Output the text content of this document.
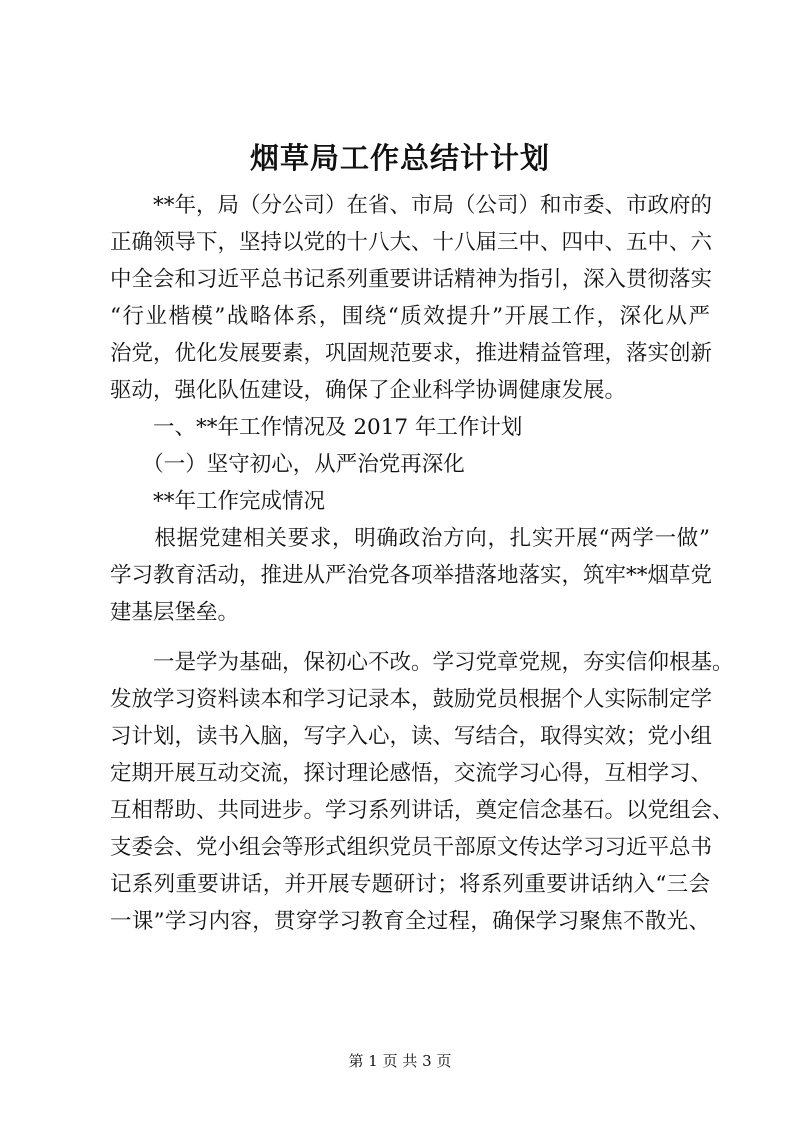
烟草局工作总结计计划
　　**年，局（分公司）在省、市局（公司）和市委、市政府的
正确领导下，坚持以党的十八大、十八届三中、四中、五中、六
中全会和习近平总书记系列重要讲话精神为指引，深入贯彻落实
“行业楷模”战略体系，围绕“质效提升”开展工作，深化从严
治党，优化发展要素，巩固规范要求，推进精益管理，落实创新
驱动，强化队伍建设，确保了企业科学协调健康发展。
　　一、**年工作情况及 2017 年工作计划
　　（一）坚守初心，从严治党再深化
　　**年工作完成情况
　　根据党建相关要求，明确政治方向，扎实开展“两学一做”
学习教育活动，推进从严治党各项举措落地落实，筑牢**烟草党
建基层堡垒。
　　一是学为基础，保初心不改。学习党章党规，夯实信仰根基。
发放学习资料读本和学习记录本，鼓励党员根据个人实际制定学
习计划，读书入脑，写字入心，读、写结合，取得实效；党小组
定期开展互动交流，探讨理论感悟，交流学习心得，互相学习、
互相帮助、共同进步。学习系列讲话，奠定信念基石。以党组会、
支委会、党小组会等形式组织党员干部原文传达学习习近平总书
记系列重要讲话，并开展专题研讨；将系列重要讲话纳入“三会
一课”学习内容，贯穿学习教育全过程，确保学习聚焦不散光、
第 1 页 共 3 页
